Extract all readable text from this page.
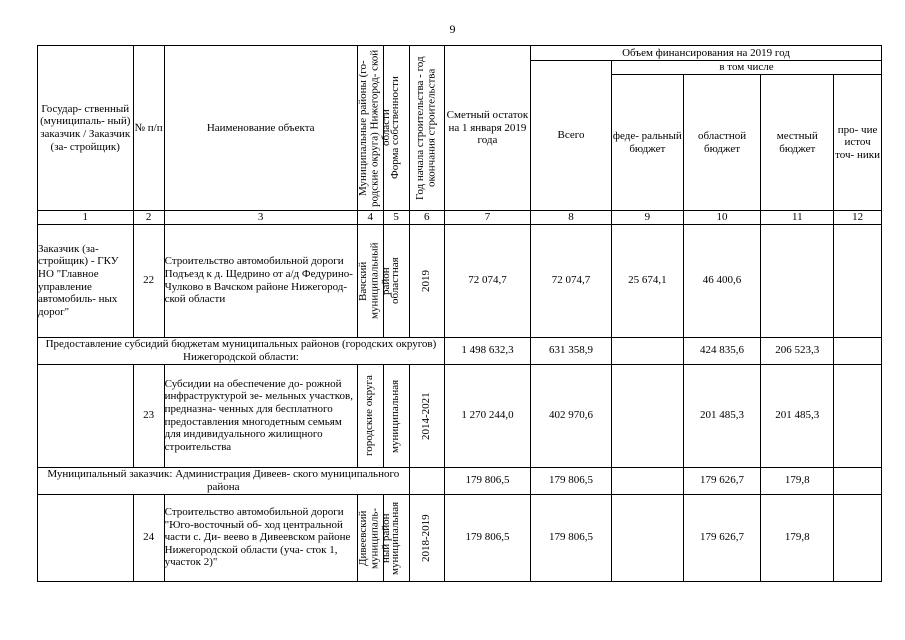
9
Государ- ственный (муниципаль- ный) заказчик / Заказчик (за- стройщик)	№ п/п	Наименование объекта	Муниципальные районы (го- родские округа) Нижегород- ской области	Форма собственности	Год начала строительства - год окончания строительства	Сметный остаток на 1 января 2019 года	Объем финансирования на 2019 год				
							Всего	в том числе			
								феде- ральный бюджет	областной бюджет	местный бюджет	про- чие источ точ- ники
1	2	3	4	5	6	7	8	9	10	11	12
Заказчик (за- стройщик) - ГКУ НО "Главное управление автомобиль- ных дорог"	22	Строительство автомобильной дороги Подъезд к д. Щедрино от а/д Федурино-Чулково в Вачском районе Нижегород- ской области	Вачский муниципальный район	областная	2019	72 074,7	72 074,7	25 674,1	46 400,6		
Предоставление субсидий бюджетам муниципальных районов (городских округов) Нижегородской области:						1 498 632,3	631 358,9		424 835,6	206 523,3	
	23	Субсидии на обеспечение до- рожной инфраструктурой зе- мельных участков, предназна- ченных для бесплатного предоставления многодетным семьям для индивидуального жилищного строительства	городские округа	муниципальная	2014-2021	1 270 244,0	402 970,6		201 485,3	201 485,3	
Муниципальный заказчик: Администрация Дивеев- ского муниципального района						179 806,5	179 806,5		179 626,7	179,8	
	24	Строительство автомобильной дороги "Юго-восточный об- ход центральной части с. Ди- веево в Дивеевском районе Нижегородской области (уча- сток 1, участок 2)"	Дивеевский муниципаль- ный район	муниципальная	2018-2019	179 806,5	179 806,5		179 626,7	179,8	
